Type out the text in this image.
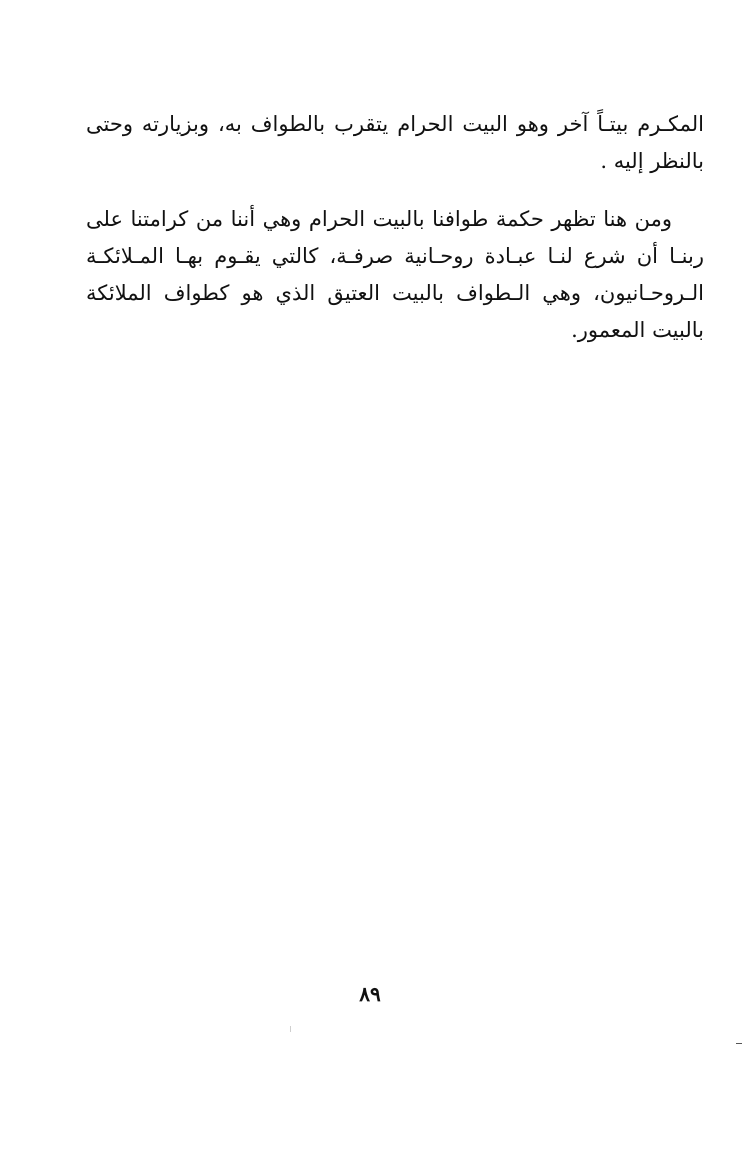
المكـرم بيتـاً آخر وهو البيت الحرام يتقرب بالطواف به، وبزيارته وحتى
بالنظر إليه .
ومن هنا تظهر حكمة طوافنا بالبيت الحرام وهي أننا من كرامتنا على
ربنـا أن شرع لنـا عبـادة روحـانية صرفـة، كالتي يقـوم بهـا المـلائكـة
الـروحـانيون، وهي الـطواف بالبيت العتيق الذي هو كطواف الملائكة
بالبيت المعمور.
٨٩
